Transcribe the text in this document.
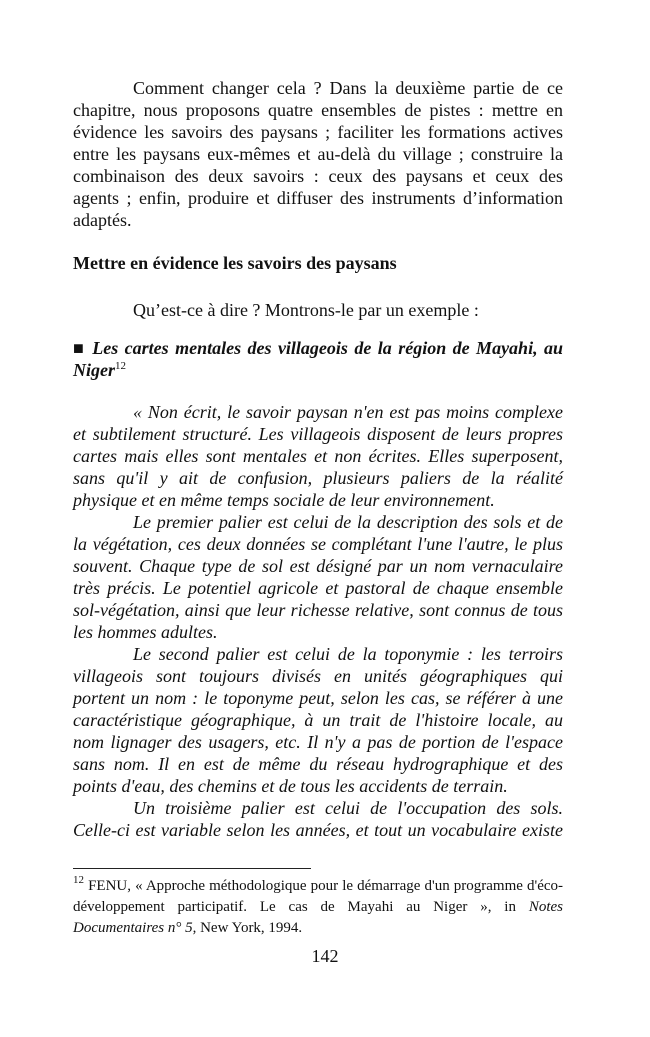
Comment changer cela ? Dans la deuxième partie de ce
chapitre, nous proposons quatre ensembles de pistes : mettre en
évidence les savoirs des paysans ; faciliter les formations actives
entre les paysans eux-mêmes et au-delà du village ; construire la
combinaison des deux savoirs : ceux des paysans et ceux des
agents ; enfin, produire et diffuser des instruments d’information
adaptés.
Mettre en évidence les savoirs des paysans
Qu’est-ce à dire ? Montrons-le par un exemple :
■ Les cartes mentales des villageois de la région de Mayahi, au
Niger$^{12}$
« Non écrit, le savoir paysan n'en est pas moins complexe
et subtilement structuré. Les villageois disposent de leurs propres
cartes mais elles sont mentales et non écrites. Elles superposent,
sans qu'il y ait de confusion, plusieurs paliers de la réalité
physique et en même temps sociale de leur environnement.
Le premier palier est celui de la description des sols et de
la végétation, ces deux données se complétant l'une l'autre, le plus
souvent. Chaque type de sol est désigné par un nom vernaculaire
très précis. Le potentiel agricole et pastoral de chaque ensemble
sol-végétation, ainsi que leur richesse relative, sont connus de tous
les hommes adultes.
Le second palier est celui de la toponymie : les terroirs
villageois sont toujours divisés en unités géographiques qui
portent un nom : le toponyme peut, selon les cas, se référer à une
caractéristique géographique, à un trait de l'histoire locale, au
nom lignager des usagers, etc. Il n'y a pas de portion de l'espace
sans nom. Il en est de même du réseau hydrographique et des
points d'eau, des chemins et de tous les accidents de terrain.
Un troisième palier est celui de l'occupation des sols.
Celle-ci est variable selon les années, et tout un vocabulaire existe
$^{12}$ FENU, « Approche méthodologique pour le démarrage d'un programme d'éco-
développement participatif. Le cas de Mayahi au Niger », in Notes
Documentaires n° 5, New York, 1994.
142
